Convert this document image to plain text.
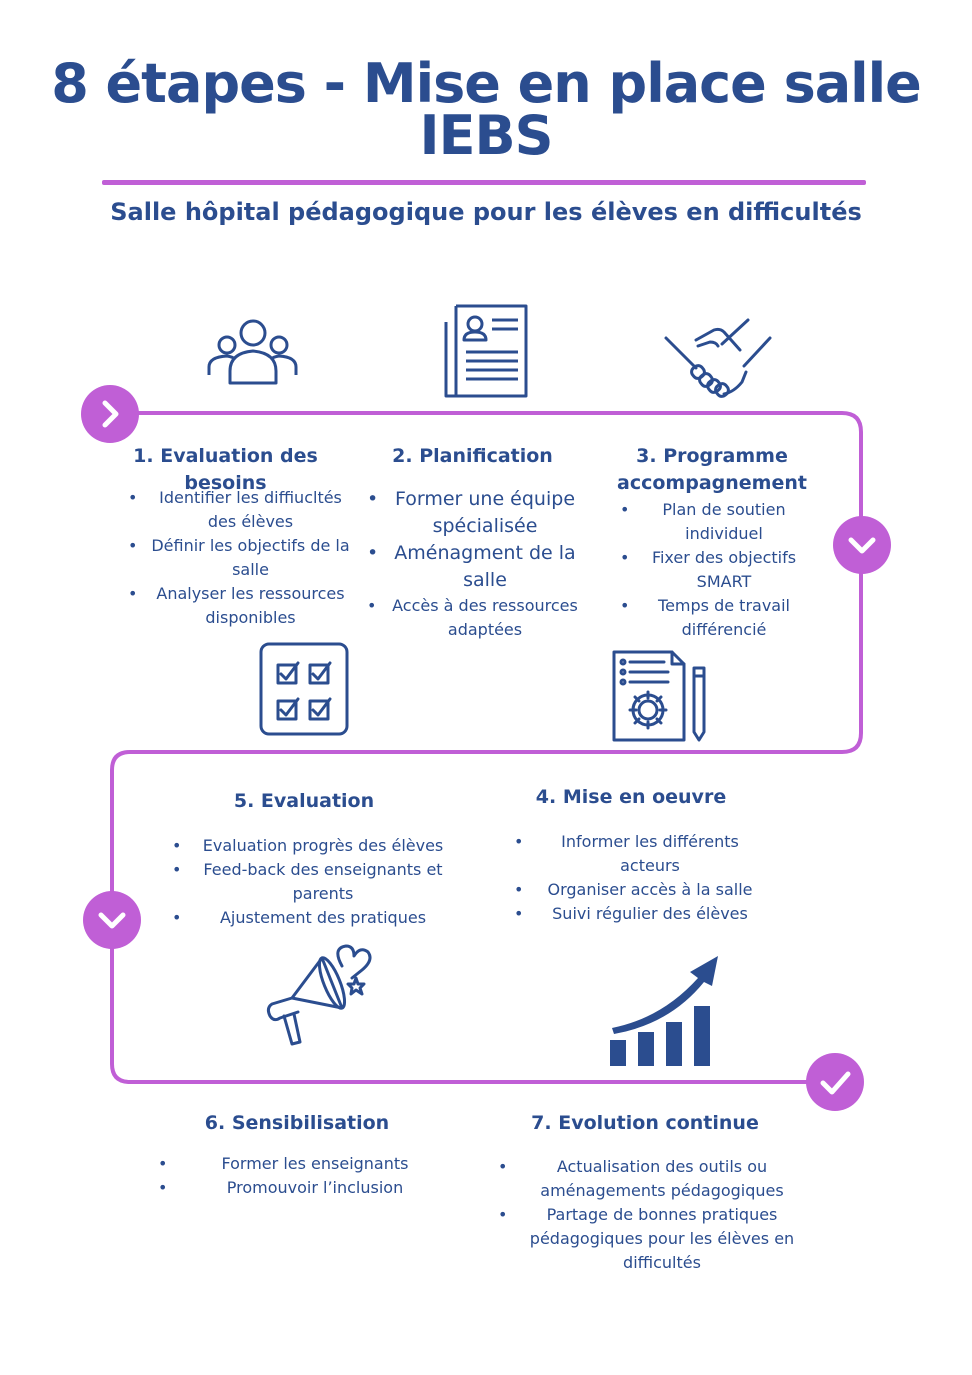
8 étapes - Mise en place salle
IEBS
Salle hôpital pédagogique pour les élèves en difficultés
1. Evaluation des besoins
• Identifier les diffiucltés des élèves
• Définir les objectifs de la salle
• Analyser les ressources disponibles
2. Planification
• Former une équipe spécialisée
• Aménagment de la salle
• Accès à des ressources adaptées
3. Programme
accompagnement
• Plan de soutien individuel
• Fixer des objectifs SMART
• Temps de travail différencié
5. Evaluation
• Evaluation progrès des élèves
• Feed-back des enseignants et parents
• Ajustement des pratiques
4. Mise en oeuvre
• Informer les différents acteurs
• Organiser accès à la salle
• Suivi régulier des élèves
6. Sensibilisation
•	Former les enseignants
•	Promouvoir l’inclusion
7. Evolution continue
•	Actualisation des outils ou aménagements pédagogiques
• Partage de bonnes pratiques pédagogiques pour les élèves en difficultés
